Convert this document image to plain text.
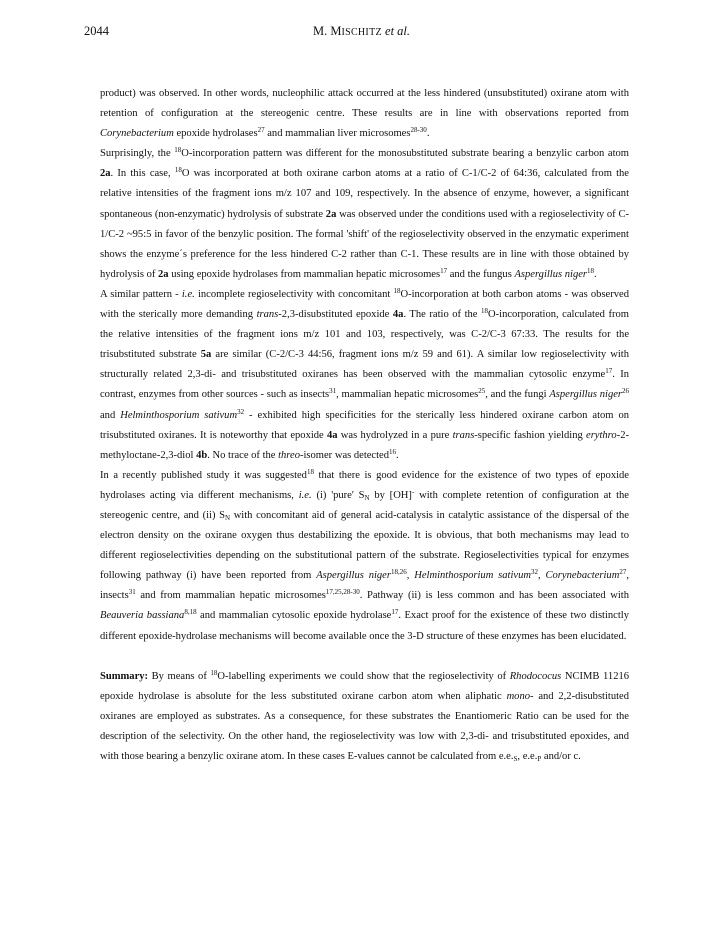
2044	M. MISCHITZ et al.

product) was observed. In other words, nucleophilic attack occurred at the less hindered (unsubstituted) oxirane atom with retention of configuration at the stereogenic centre. These results are in line with observations reported from Corynebacterium epoxide hydrolases$^{27}$ and mammalian liver microsomes$^{28-30}$.

Surprisingly, the $^{18}$O-incorporation pattern was different for the monosubstituted substrate bearing a benzylic carbon atom 2a. In this case, $^{18}$O was incorporated at both oxirane carbon atoms at a ratio of C-1/C-2 of 64:36, calculated from the relative intensities of the fragment ions m/z 107 and 109, respectively. In the absence of enzyme, however, a significant spontaneous (non-enzymatic) hydrolysis of substrate 2a was observed under the conditions used with a regioselectivity of C-1/C-2 ~95:5 in favor of the benzylic position. The formal 'shift' of the regioselectivity observed in the enzymatic experiment shows the enzyme´s preference for the less hindered C-2 rather than C-1. These results are in line with those obtained by hydrolysis of 2a using epoxide hydrolases from mammalian hepatic microsomes$^{17}$ and the fungus Aspergillus niger$^{18}$.

A similar pattern - i.e. incomplete regioselectivity with concomitant $^{18}$O-incorporation at both carbon atoms - was observed with the sterically more demanding trans-2,3-disubstituted epoxide 4a. The ratio of the $^{18}$O-incorporation, calculated from the relative intensities of the fragment ions m/z 101 and 103, respectively, was C-2/C-3 67:33. The results for the trisubstituted substrate 5a are similar (C-2/C-3 44:56, fragment ions m/z 59 and 61). A similar low regioselectivity with structurally related 2,3-di- and trisubstituted oxiranes has been observed with the mammalian cytosolic enzyme$^{17}$. In contrast, enzymes from other sources - such as insects$^{31}$, mammalian hepatic microsomes$^{25}$, and the fungi Aspergillus niger$^{26}$ and Helminthosporium sativum$^{32}$ - exhibited high specificities for the sterically less hindered oxirane carbon atom on trisubstituted oxiranes. It is noteworthy that epoxide 4a was hydrolyzed in a pure trans-specific fashion yielding erythro-2-methyloctane-2,3-diol 4b. No trace of the threo-isomer was detected$^{16}$.

In a recently published study it was suggested$^{18}$ that there is good evidence for the existence of two types of epoxide hydrolases acting via different mechanisms, i.e. (i) 'pure' $S_N$ by [OH]- with complete retention of configuration at the stereogenic centre, and (ii) $S_N$ with concomitant aid of general acid-catalysis in catalytic assistance of the dispersal of the electron density on the oxirane oxygen thus destabilizing the epoxide. It is obvious, that both mechanisms may lead to different regioselectivities depending on the substitutional pattern of the substrate. Regioselectivities typical for enzymes following pathway (i) have been reported from Aspergillus niger$^{18,26}$, Helminthosporium sativum$^{32}$, Corynebacterium$^{27}$, insects$^{31}$ and from mammalian hepatic microsomes$^{17,25,28-30}$. Pathway (ii) is less common and has been associated with Beauveria bassiana$^{8,18}$ and mammalian cytosolic epoxide hydrolase$^{17}$. Exact proof for the existence of these two distinctly different epoxide-hydrolase mechanisms will become available once the 3-D structure of these enzymes has been elucidated.

Summary: By means of $^{18}$O-labelling experiments we could show that the regioselectivity of Rhodococus NCIMB 11216 epoxide hydrolase is absolute for the less substituted oxirane carbon atom when aliphatic mono- and 2,2-disubstituted oxiranes are employed as substrates. As a consequence, for these substrates the Enantiomeric Ratio can be used for the description of the selectivity. On the other hand, the regioselectivity was low with 2,3-di- and trisubstituted epoxides, and with those bearing a benzylic oxirane atom. In these cases E-values cannot be calculated from $e.e._S$, $e.e._P$ and/or c.
